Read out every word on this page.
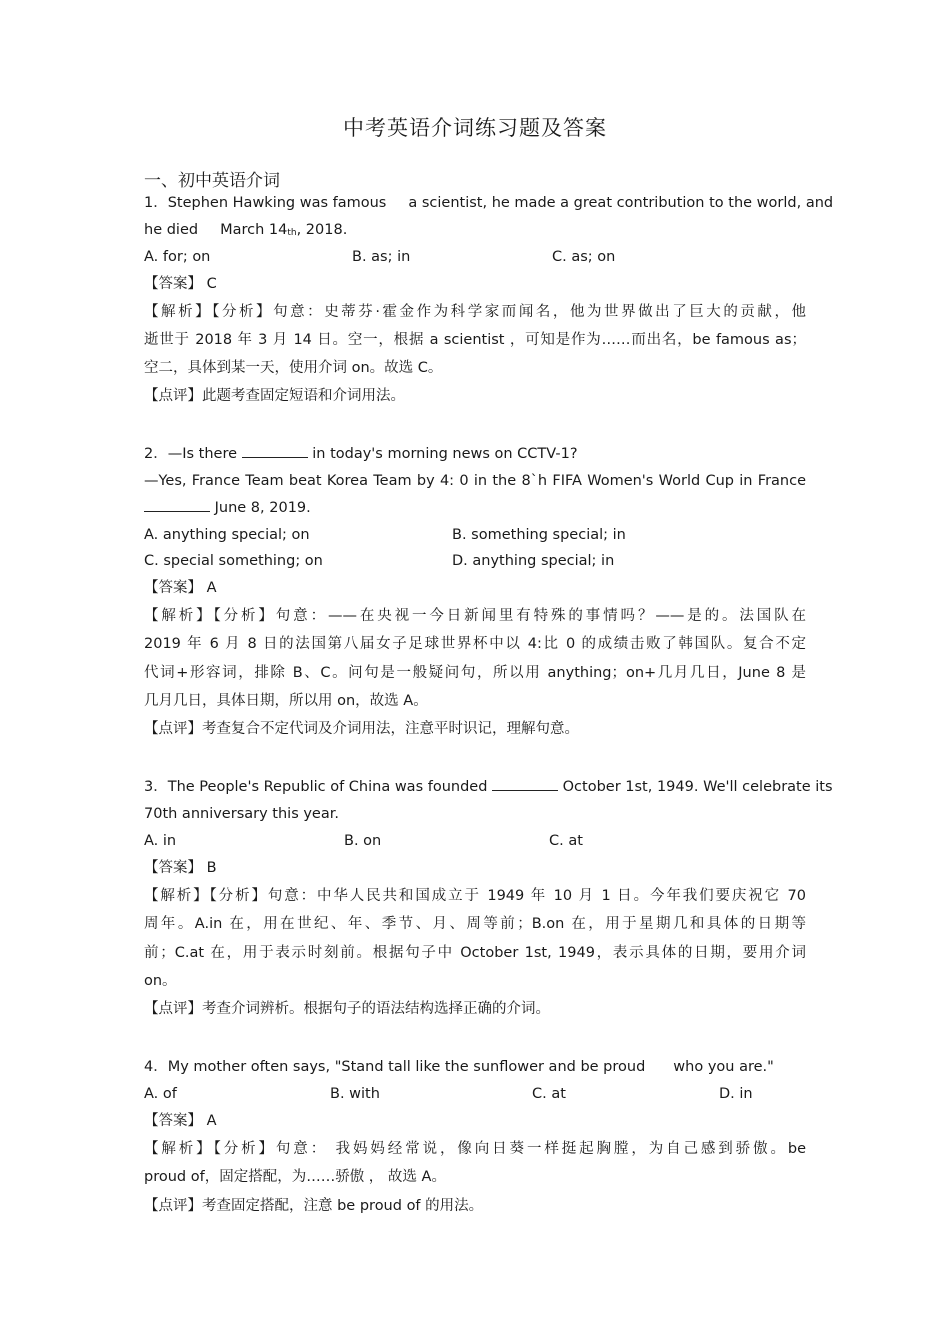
中考英语介词练习题及答案
一、初中英语介词
1．Stephen Hawking was famous a scientist, he made a great contribution to the world, and
he died March 14th, 2018.
A. for; on	B. as; in	C. as; on
【答案】 C
【解析】【分析】句意：史蒂芬·霍金作为科学家而闻名，他为世界做出了巨大的贡献，他
逝世于 2018 年 3 月 14 日。空一，根据 a scientist ，可知是作为……而出名，be famous as；
空二，具体到某一天，使用介词 on。故选 C。
【点评】此题考查固定短语和介词用法。
2．—Is there	in today's morning news on CCTV-1?
—Yes, France Team beat Korea Team by 4: 0 in the 8`h FIFA Women's World Cup in France
June 8, 2019.
A. anything special; on	B. something special; in
C. special something; on	D. anything special; in
【答案】 A
【解析】【分析】句意：——在央视一今日新闻里有特殊的事情吗？——是的。法国队在
2019 年 6 月 8 日的法国第八届女子足球世界杯中以 4:比 0 的成绩击败了韩国队。复合不定
代词+形容词，排除 B、C。问句是一般疑问句，所以用 anything；on+几月几日，June 8 是
几月几日，具体日期，所以用 on，故选 A。
【点评】考查复合不定代词及介词用法，注意平时识记，理解句意。
3．The People's Republic of China was founded	October 1st, 1949. We'll celebrate its
70th anniversary this year.
A. in	B. on	C. at
【答案】 B
【解析】【分析】句意：中华人民共和国成立于 1949 年 10 月 1 日。今年我们要庆祝它 70
周年。A.in 在，用在世纪、年、季节、月、周等前；B.on 在，用于星期几和具体的日期等
前；C.at 在，用于表示时刻前。根据句子中 October 1st, 1949，表示具体的日期，要用介词
on。
【点评】考查介词辨析。根据句子的语法结构选择正确的介词。
4．My mother often says, "Stand tall like the sunflower and be proud who you are."
A. of	B. with	C. at	D. in
【答案】 A
【解析】【分析】句意： 我妈妈经常说，像向日葵一样挺起胸膛，为自己感到骄傲。be
proud of，固定搭配，为……骄傲 ， 故选 A。
【点评】考查固定搭配，注意 be proud of 的用法。
